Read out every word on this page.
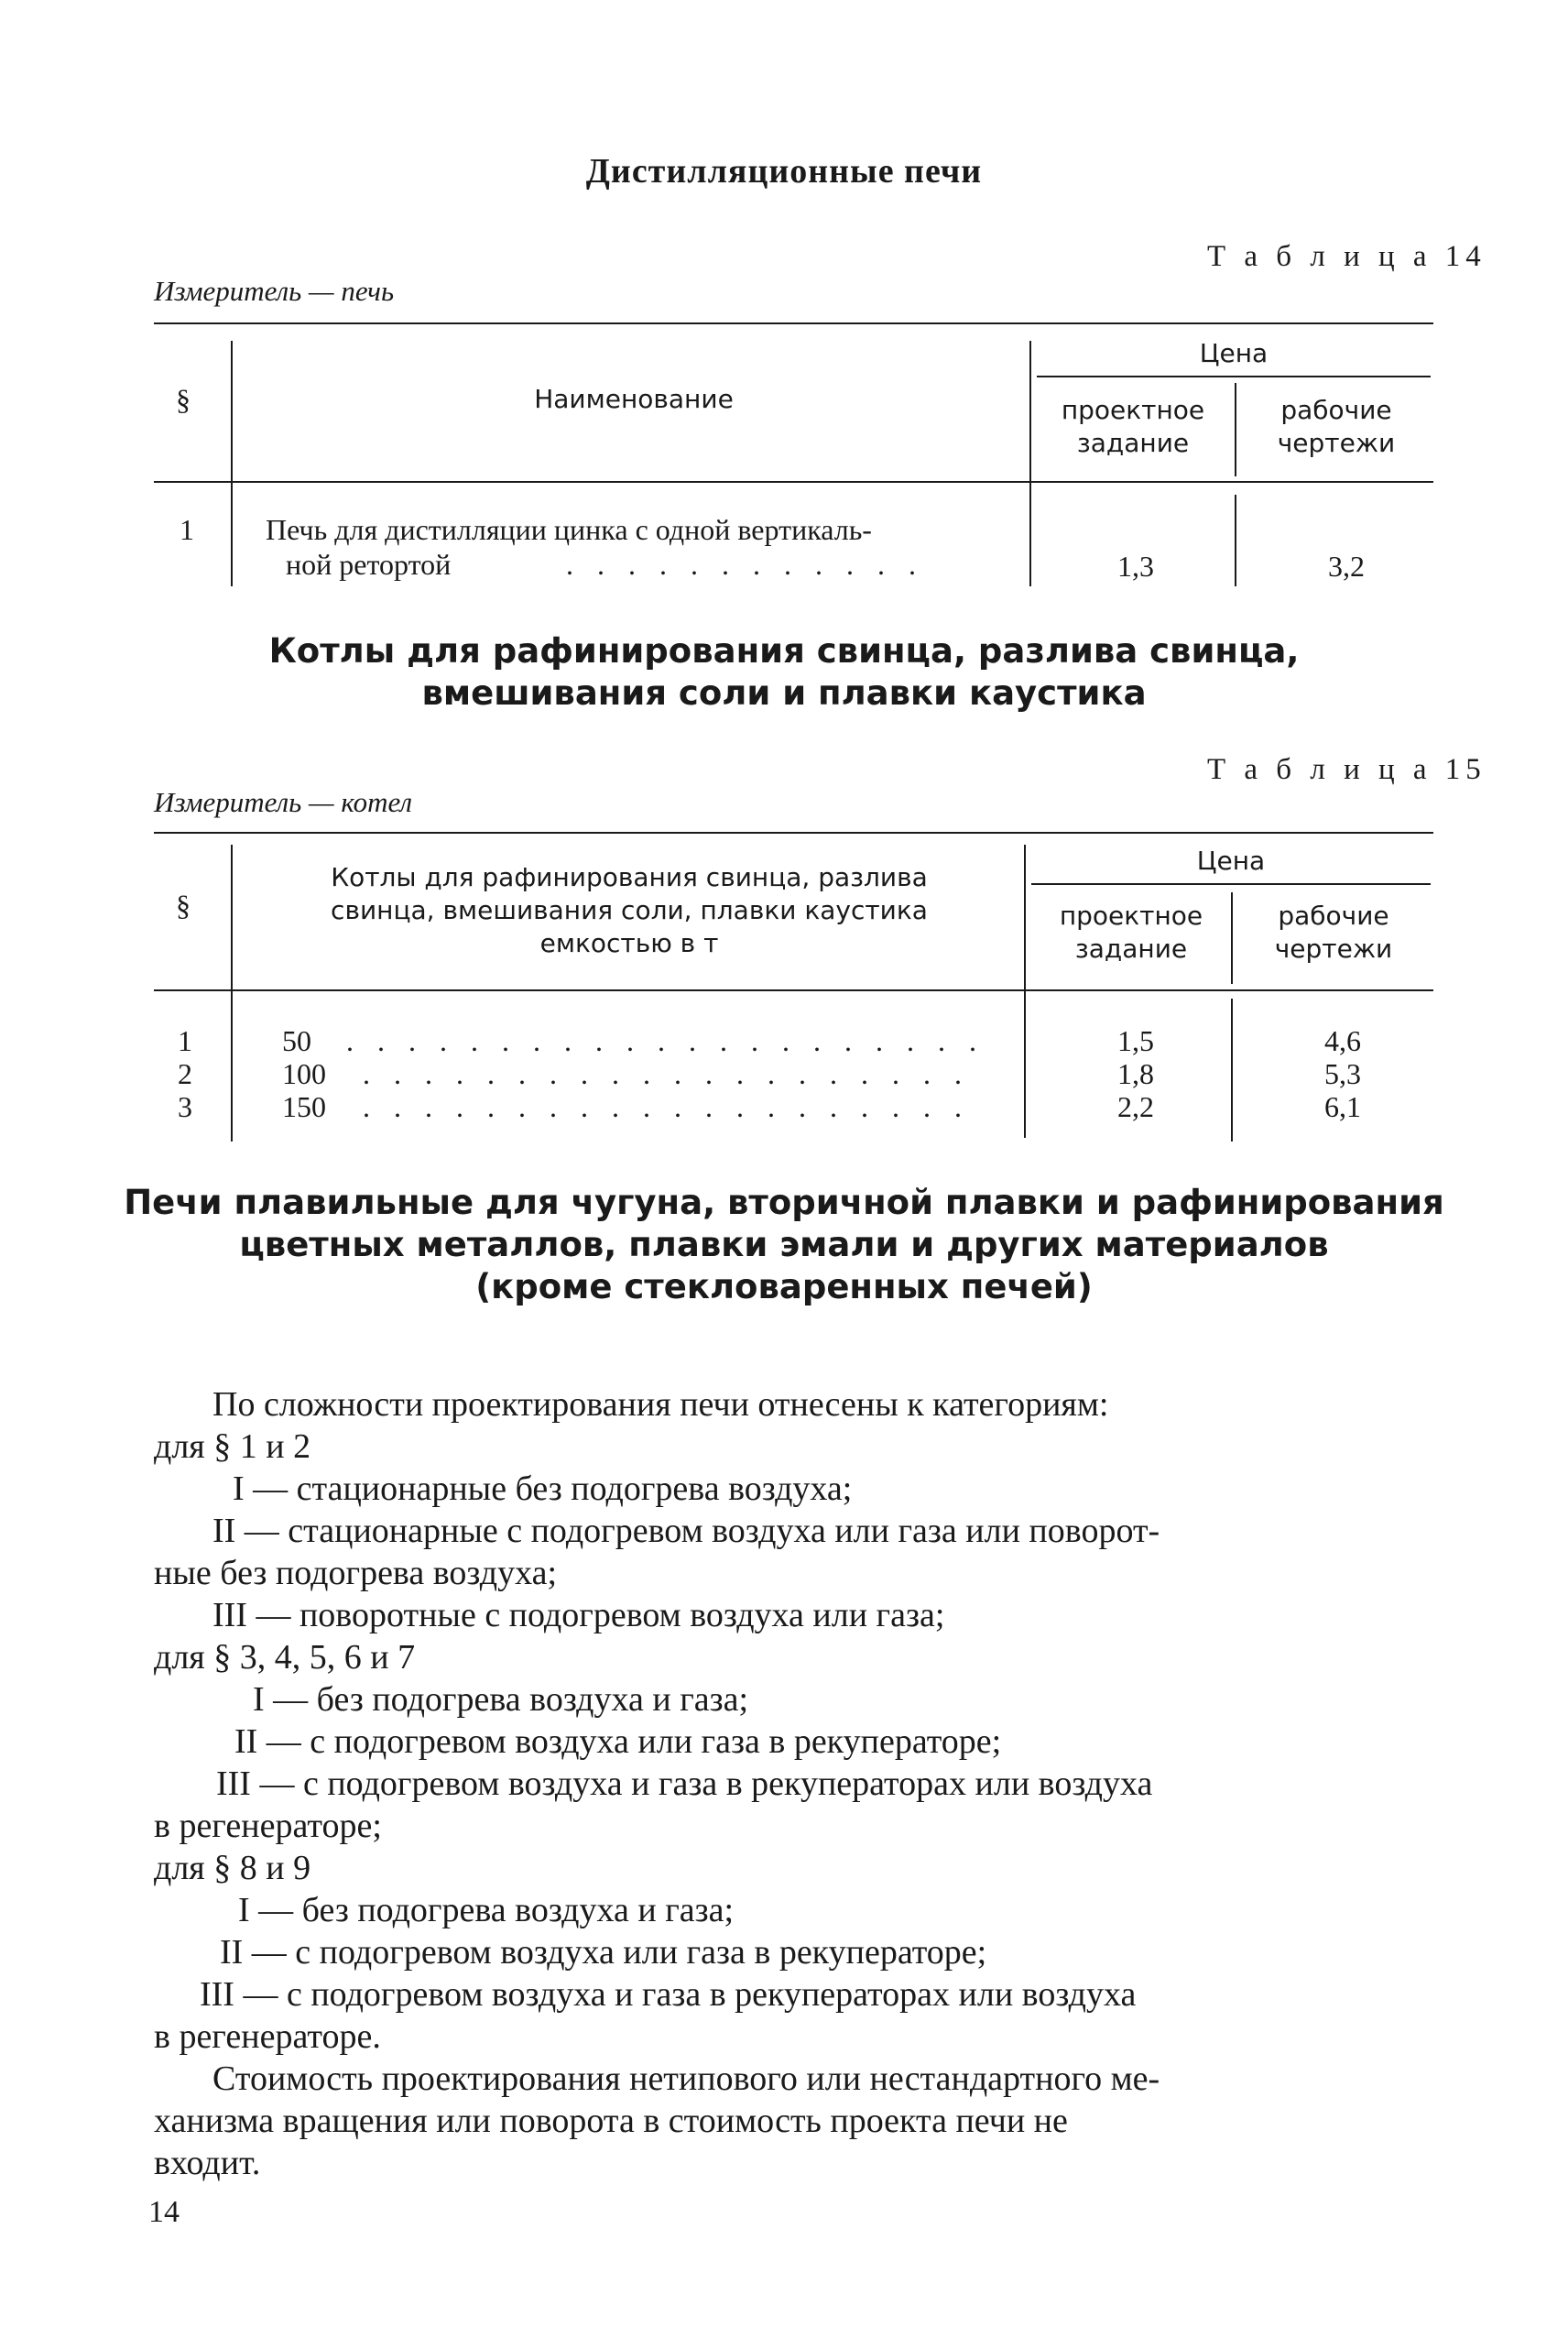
Дистилляционные печи
Т а б л и ц а 14
Измеритель — печь
§	Наименование
Цена
проектное задание
рабочие чертежи
1 Печь для дистилляции цинка с одной вертикаль-
ной ретортой	. . . . . . . . . . . .	1,3	3,2
Котлы для рафинирования свинца, разлива свинца,
вмешивания соли и плавки каустика
Т а б л и ц а 15
Измеритель — котел
§
Котлы для рафинирования свинца, разлива
свинца, вмешивания соли, плавки каустика
емкостью в т
Цена
проектное задание
рабочие чертежи
1	50 . . . . . . . . . . . . . . . . . . . . .	1,5	4,6
2	100 . . . . . . . . . . . . . . . . . . . .	1,8	5,3
3	150 . . . . . . . . . . . . . . . . . . . .	2,2	6,1
Печи плавильные для чугуна, вторичной плавки и рафинирования
цветных металлов, плавки эмали и других материалов
(кроме стекловаренных печей)
По сложности проектирования печи отнесены к категориям:
для § 1 и 2
I — стационарные без подогрева воздуха;
II — стационарные с подогревом воздуха или газа или поворот-
ные без подогрева воздуха;
III — поворотные с подогревом воздуха или газа;
для § 3, 4, 5, 6 и 7
I — без подогрева воздуха и газа;
II — с подогревом воздуха или газа в рекуператоре;
III — с подогревом воздуха и газа в рекуператорах или воздуха
в регенераторе;
для § 8 и 9
I — без подогрева воздуха и газа;
II — с подогревом воздуха или газа в рекуператоре;
III — с подогревом воздуха и газа в рекуператорах или воздуха
в регенераторе.
Стоимость проектирования нетипового или нестандартного ме-
ханизма вращения или поворота в стоимость проекта печи не
входит.
14
